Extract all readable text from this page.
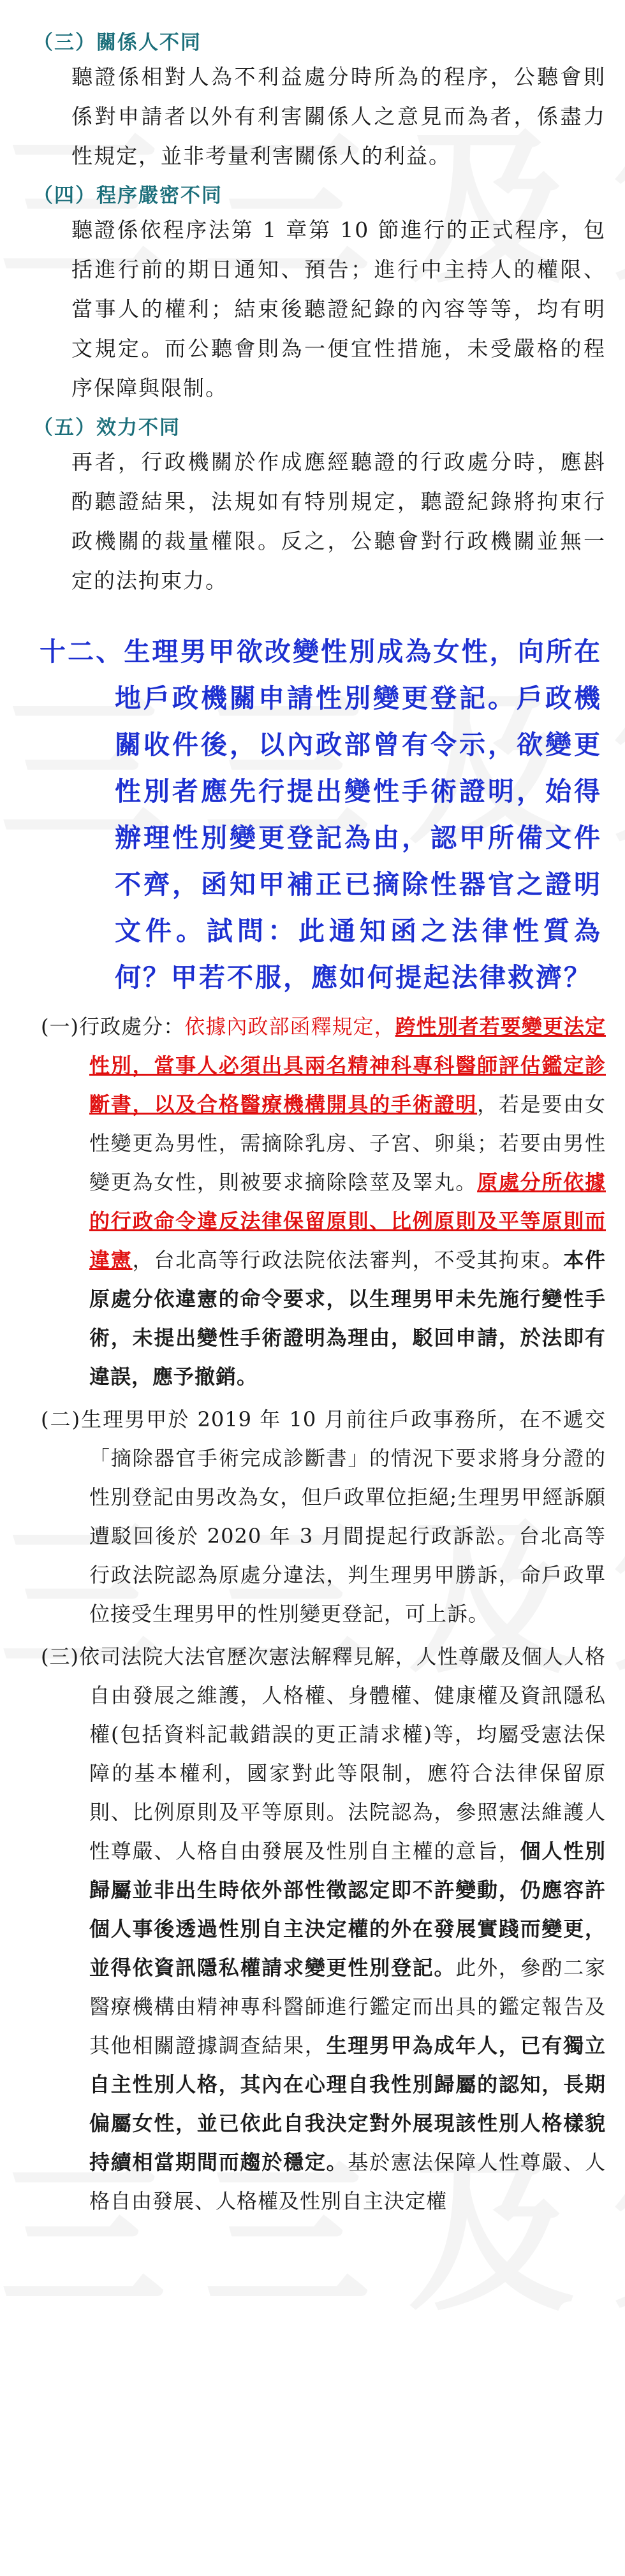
（三）關係人不同
聽證係相對人為不利益處分時所為的程序，公聽會則係對申請者以外有利害關係人之意見而為者，係盡力性規定，並非考量利害關係人的利益。
（四）程序嚴密不同
聽證係依程序法第 1 章第 10 節進行的正式程序，包括進行前的期日通知、預告；進行中主持人的權限、當事人的權利；結束後聽證紀錄的內容等等，均有明文規定。而公聽會則為一便宜性措施，未受嚴格的程序保障與限制。
（五）效力不同
再者，行政機關於作成應經聽證的行政處分時，應斟酌聽證結果，法規如有特別規定，聽證紀錄將拘束行政機關的裁量權限。反之，公聽會對行政機關並無一定的法拘束力。
十二、生理男甲欲改變性別成為女性，向所在地戶政機關申請性別變更登記。戶政機關收件後，以內政部曾有令示，欲變更性別者應先行提出變性手術證明，始得辦理性別變更登記為由，認甲所備文件不齊，函知甲補正已摘除性器官之證明文件。試問：此通知函之法律性質為何？甲若不服，應如何提起法律救濟？
(一)行政處分：依據內政部函釋規定，跨性別者若要變更法定性別，當事人必須出具兩名精神科專科醫師評估鑑定診斷書，以及合格醫療機構開具的手術證明，若是要由女性變更為男性，需摘除乳房、子宮、卵巢；若要由男性變更為女性，則被要求摘除陰莖及睪丸。原處分所依據的行政命令違反法律保留原則、比例原則及平等原則而違憲，台北高等行政法院依法審判，不受其拘束。本件原處分依違憲的命令要求，以生理男甲未先施行變性手術，未提出變性手術證明為理由，駁回申請，於法即有違誤，應予撤銷。
(二)生理男甲於 2019 年 10 月前往戶政事務所，在不遞交「摘除器官手術完成診斷書」的情況下要求將身分證的性別登記由男改為女，但戶政單位拒絕;生理男甲經訴願遭駁回後於 2020 年 3 月間提起行政訴訟。台北高等行政法院認為原處分違法，判生理男甲勝訴，命戶政單位接受生理男甲的性別變更登記，可上訴。
(三)依司法院大法官歷次憲法解釋見解，人性尊嚴及個人人格自由發展之維護，人格權、身體權、健康權及資訊隱私權(包括資料記載錯誤的更正請求權)等，均屬受憲法保障的基本權利，國家對此等限制，應符合法律保留原則、比例原則及平等原則。法院認為，參照憲法維護人性尊嚴、人格自由發展及性別自主權的意旨，個人性別歸屬並非出生時依外部性徵認定即不許變動，仍應容許個人事後透過性別自主決定權的外在發展實踐而變更，並得依資訊隱私權請求變更性別登記。此外，參酌二家醫療機構由精神專科醫師進行鑑定而出具的鑑定報告及其他相關證據調查結果，生理男甲為成年人，已有獨立自主性別人格，其內在心理自我性別歸屬的認知，長期偏屬女性，並已依此自我決定對外展現該性別人格樣貌持續相當期間而趨於穩定。基於憲法保障人性尊嚴、人格自由發展、人格權及性別自主決定權
